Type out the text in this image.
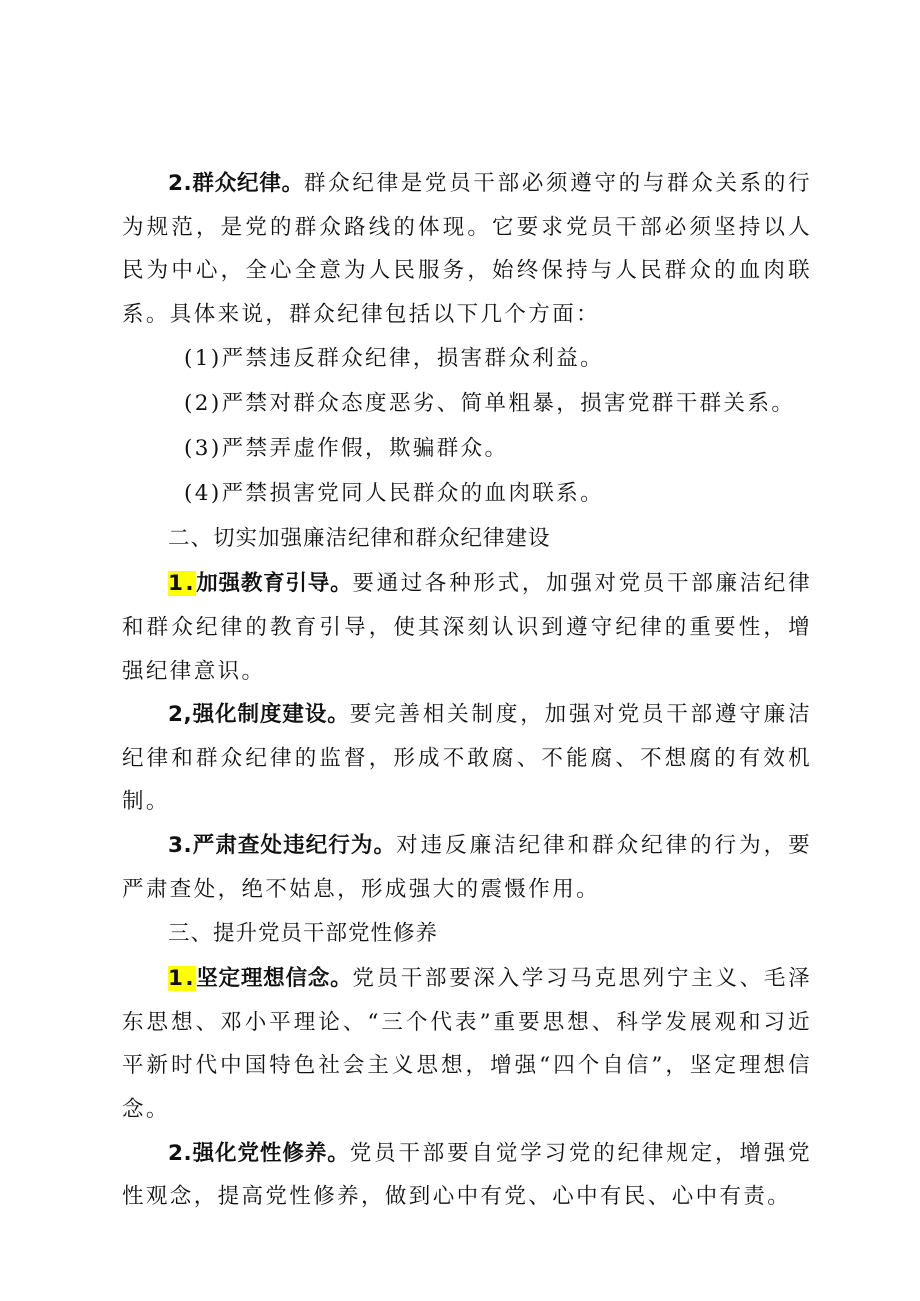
2.群众纪律。群众纪律是党员干部必须遵守的与群众关系的行为规范，是党的群众路线的体现。它要求党员干部必须坚持以人民为中心，全心全意为人民服务，始终保持与人民群众的血肉联系。具体来说，群众纪律包括以下几个方面：

(1)严禁违反群众纪律，损害群众利益。

(2)严禁对群众态度恶劣、简单粗暴，损害党群干群关系。

(3)严禁弄虚作假，欺骗群众。

(4)严禁损害党同人民群众的血肉联系。

二、切实加强廉洁纪律和群众纪律建设

1.加强教育引导。要通过各种形式，加强对党员干部廉洁纪律和群众纪律的教育引导，使其深刻认识到遵守纪律的重要性，增强纪律意识。

2,强化制度建设。要完善相关制度，加强对党员干部遵守廉洁纪律和群众纪律的监督，形成不敢腐、不能腐、不想腐的有效机制。

3.严肃查处违纪行为。对违反廉洁纪律和群众纪律的行为，要严肃查处，绝不姑息，形成强大的震慑作用。

三、提升党员干部党性修养

1.坚定理想信念。党员干部要深入学习马克思列宁主义、毛泽东思想、邓小平理论、“三个代表”重要思想、科学发展观和习近平新时代中国特色社会主义思想，增强“四个自信”，坚定理想信念。

2.强化党性修养。党员干部要自觉学习党的纪律规定，增强党性观念，提高党性修养，做到心中有党、心中有民、心中有责。
